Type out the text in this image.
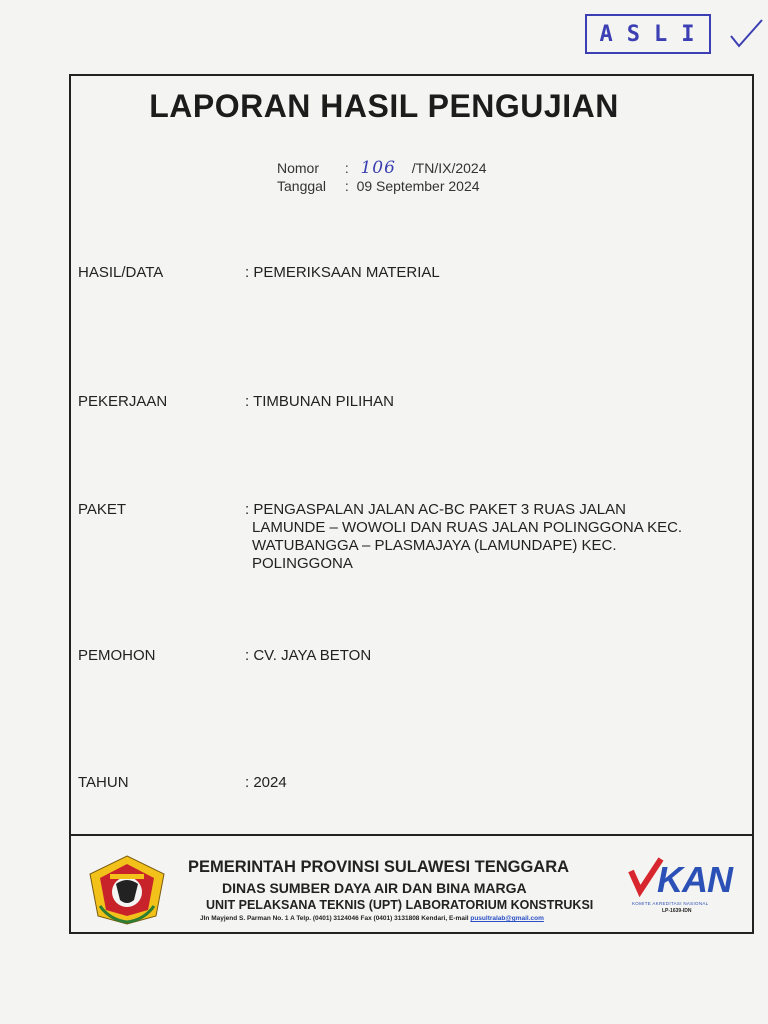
ASLI
LAPORAN HASIL PENGUJIAN
Nomor :   106 /TN/IX/2024
Tanggal :  09 September 2024
HASIL/DATA	: PEMERIKSAAN MATERIAL
PEKERJAAN	: TIMBUNAN PILIHAN
PAKET	: PENGASPALAN JALAN AC-BC PAKET 3 RUAS JALAN
LAMUNDE – WOWOLI DAN RUAS JALAN POLINGGONA KEC.
WATUBANGGA – PLASMAJAYA (LAMUNDAPE) KEC.
POLINGGONA
PEMOHON	: CV. JAYA BETON
TAHUN	: 2024
PEMERINTAH PROVINSI SULAWESI TENGGARA
DINAS SUMBER DAYA AIR DAN BINA MARGA
UNIT PELAKSANA TEKNIS (UPT) LABORATORIUM KONSTRUKSI
Jln Mayjend S. Parman No. 1 A Telp. (0401) 3124046 Fax (0401) 3131808 Kendari, E-mail pusultralab@gmail.com
KAN
KOMITE AKREDITASI NASIONAL
LP-1639-IDN
